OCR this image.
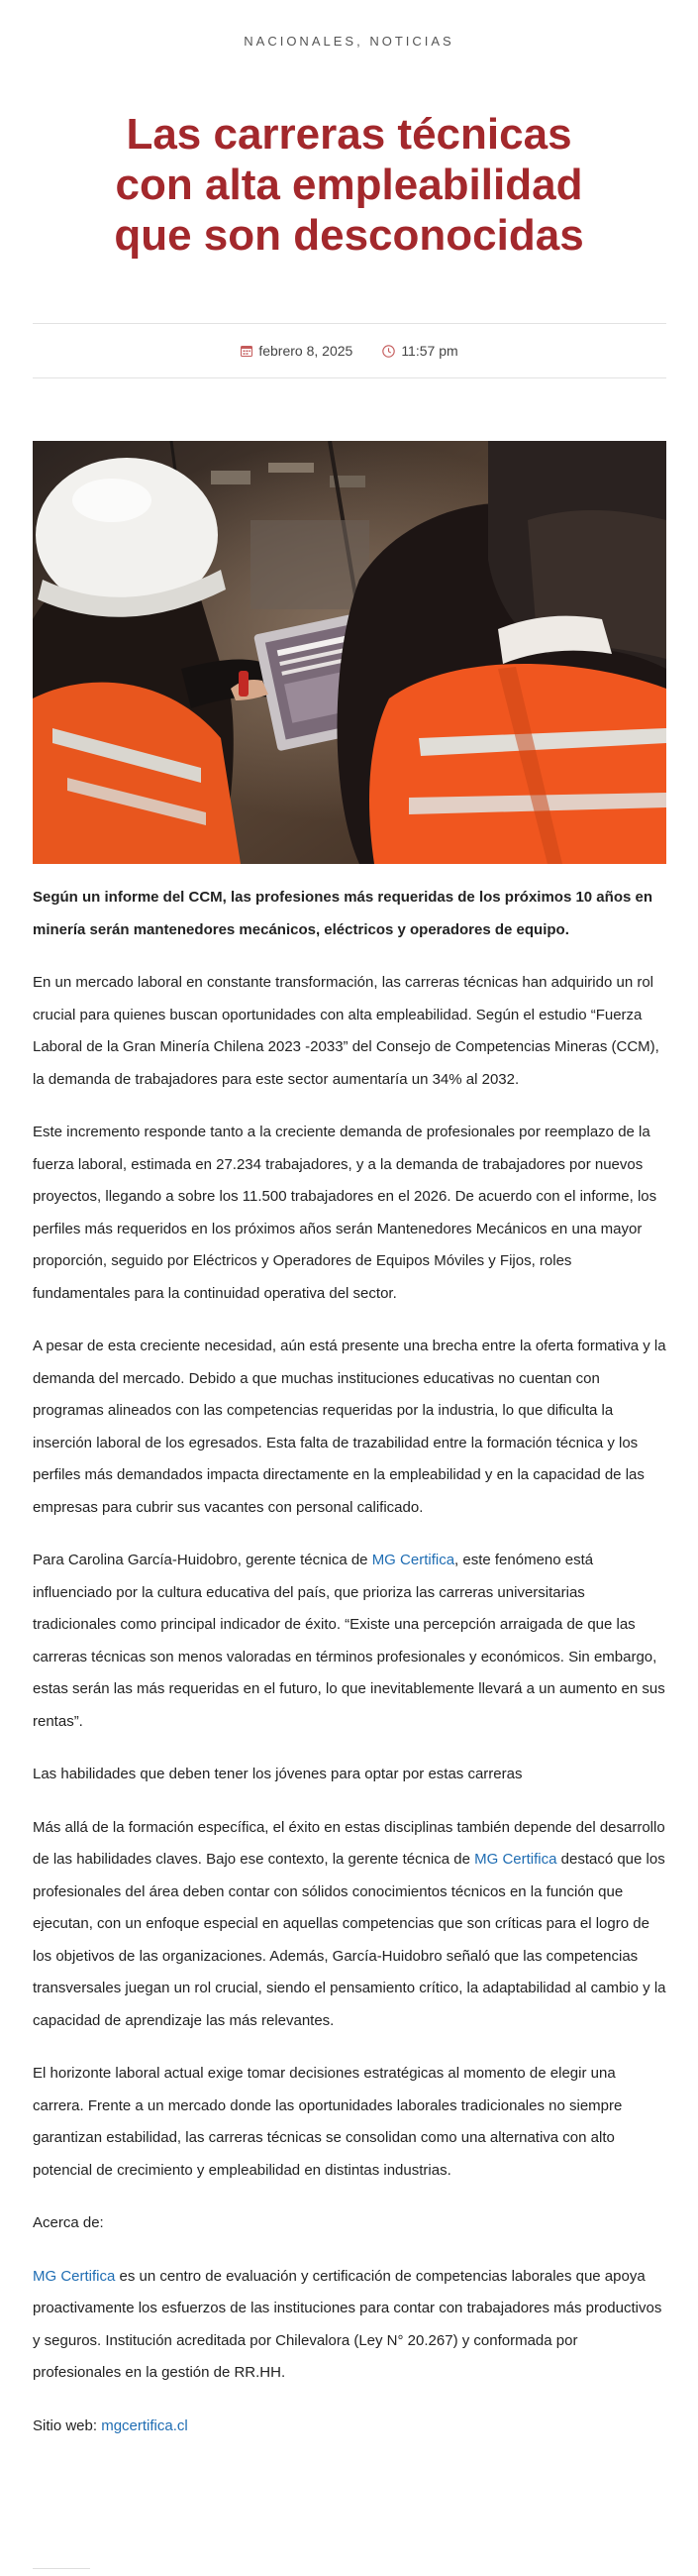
NACIONALES, NOTICIAS
Las carreras técnicas
con alta empleabilidad
que son desconocidas
febrero 8, 2025	11:57 pm

Según un informe del CCM, las profesiones más requeridas de los próximos 10 años en minería serán mantenedores mecánicos, eléctricos y operadores de equipo.

En un mercado laboral en constante transformación, las carreras técnicas han adquirido un rol crucial para quienes buscan oportunidades con alta empleabilidad. Según el estudio “Fuerza Laboral de la Gran Minería Chilena 2023 -2033” del Consejo de Competencias Mineras (CCM), la demanda de trabajadores para este sector aumentaría un 34% al 2032.

Este incremento responde tanto a la creciente demanda de profesionales por reemplazo de la fuerza laboral, estimada en 27.234 trabajadores, y a la demanda de trabajadores por nuevos proyectos, llegando a sobre los 11.500 trabajadores en el 2026. De acuerdo con el informe, los perfiles más requeridos en los próximos años serán Mantenedores Mecánicos en una mayor proporción, seguido por Eléctricos y Operadores de Equipos Móviles y Fijos, roles fundamentales para la continuidad operativa del sector.

A pesar de esta creciente necesidad, aún está presente una brecha entre la oferta formativa y la demanda del mercado. Debido a que muchas instituciones educativas no cuentan con programas alineados con las competencias requeridas por la industria, lo que dificulta la inserción laboral de los egresados. Esta falta de trazabilidad entre la formación técnica y los perfiles más demandados impacta directamente en la empleabilidad y en la capacidad de las empresas para cubrir sus vacantes con personal calificado.

Para Carolina García-Huidobro, gerente técnica de MG Certifica, este fenómeno está influenciado por la cultura educativa del país, que prioriza las carreras universitarias tradicionales como principal indicador de éxito. “Existe una percepción arraigada de que las carreras técnicas son menos valoradas en términos profesionales y económicos. Sin embargo, estas serán las más requeridas en el futuro, lo que inevitablemente llevará a un aumento en sus rentas”.

Las habilidades que deben tener los jóvenes para optar por estas carreras

Más allá de la formación específica, el éxito en estas disciplinas también depende del desarrollo de las habilidades claves. Bajo ese contexto, la gerente técnica de MG Certifica destacó que los profesionales del área deben contar con sólidos conocimientos técnicos en la función que ejecutan, con un enfoque especial en aquellas competencias que son críticas para el logro de los objetivos de las organizaciones. Además, García-Huidobro señaló que las competencias transversales juegan un rol crucial, siendo el pensamiento crítico, la adaptabilidad al cambio y la capacidad de aprendizaje las más relevantes.

El horizonte laboral actual exige tomar decisiones estratégicas al momento de elegir una carrera. Frente a un mercado donde las oportunidades laborales tradicionales no siempre garantizan estabilidad, las carreras técnicas se consolidan como una alternativa con alto potencial de crecimiento y empleabilidad en distintas industrias.

Acerca de:

MG Certifica es un centro de evaluación y certificación de competencias laborales que apoya proactivamente los esfuerzos de las instituciones para contar con trabajadores más productivos y seguros. Institución acreditada por Chilevalora (Ley N° 20.267) y conformada por profesionales en la gestión de RR.HH.

Sitio web: mgcertifica.cl
